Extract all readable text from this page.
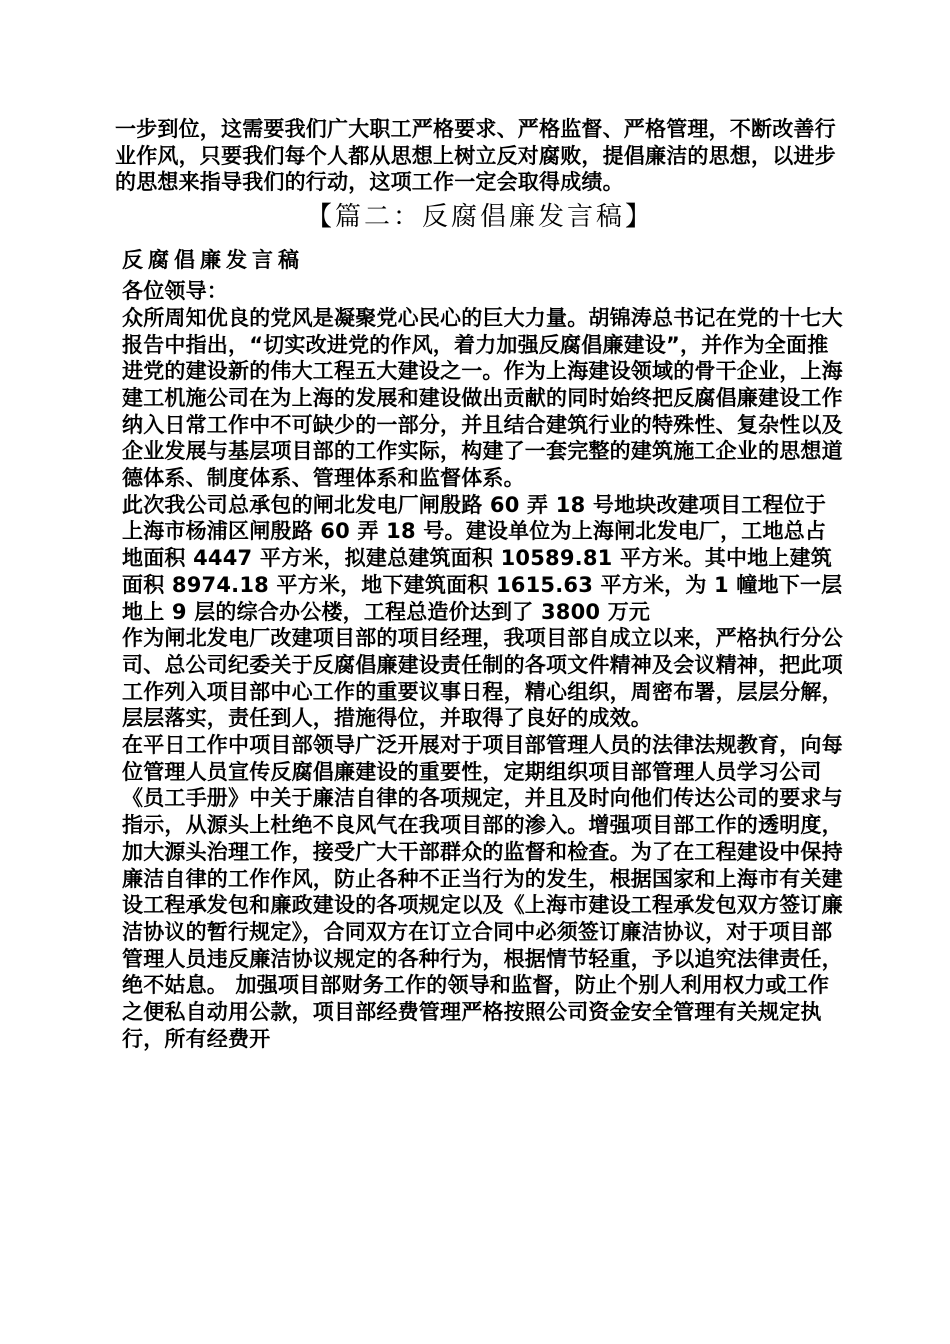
一步到位，这需要我们广大职工严格要求、严格监督、严格管理，不断改善行业作风，只要我们每个人都从思想上树立反对腐败，提倡廉洁的思想，以进步的思想来指导我们的行动，这项工作一定会取得成绩。

【篇二：反腐倡廉发言稿】
反腐倡廉发言稿

各位领导：

众所周知优良的党风是凝聚党心民心的巨大力量。胡锦涛总书记在党的十七大报告中指出，“切实改进党的作风，着力加强反腐倡廉建设”，并作为全面推进党的建设新的伟大工程五大建设之一。作为上海建设领域的骨干企业，上海建工机施公司在为上海的发展和建设做出贡献的同时始终把反腐倡廉建设工作纳入日常工作中不可缺少的一部分，并且结合建筑行业的特殊性、复杂性以及企业发展与基层项目部的工作实际，构建了一套完整的建筑施工企业的思想道德体系、制度体系、管理体系和监督体系。

此次我公司总承包的闸北发电厂闸殷路 60 弄 18 号地块改建项目工程位于上海市杨浦区闸殷路 60 弄 18 号。建设单位为上海闸北发电厂，工地总占地面积 4447 平方米，拟建总建筑面积 10589.81 平方米。其中地上建筑面积 8974.18 平方米，地下建筑面积 1615.63 平方米，为 1 幢地下一层地上 9 层的综合办公楼，工程总造价达到了 3800 万元

作为闸北发电厂改建项目部的项目经理，我项目部自成立以来，严格执行分公司、总公司纪委关于反腐倡廉建设责任制的各项文件精神及会议精神，把此项工作列入项目部中心工作的重要议事日程，精心组织，周密布署，层层分解，层层落实，责任到人，措施得位，并取得了良好的成效。

在平日工作中项目部领导广泛开展对于项目部管理人员的法律法规教育，向每位管理人员宣传反腐倡廉建设的重要性，定期组织项目部管理人员学习公司《员工手册》中关于廉洁自律的各项规定，并且及时向他们传达公司的要求与指示，从源头上杜绝不良风气在我项目部的渗入。增强项目部工作的透明度，加大源头治理工作，接受广大干部群众的监督和检查。为了在工程建设中保持廉洁自律的工作作风，防止各种不正当行为的发生，根据国家和上海市有关建设工程承发包和廉政建设的各项规定以及《上海市建设工程承发包双方签订廉洁协议的暂行规定》，合同双方在订立合同中必须签订廉洁协议，对于项目部管理人员违反廉洁协议规定的各种行为，根据情节轻重，予以追究法律责任，绝不姑息。 加强项目部财务工作的领导和监督，防止个别人利用权力或工作之便私自动用公款，项目部经费管理严格按照公司资金安全管理有关规定执行，所有经费开
